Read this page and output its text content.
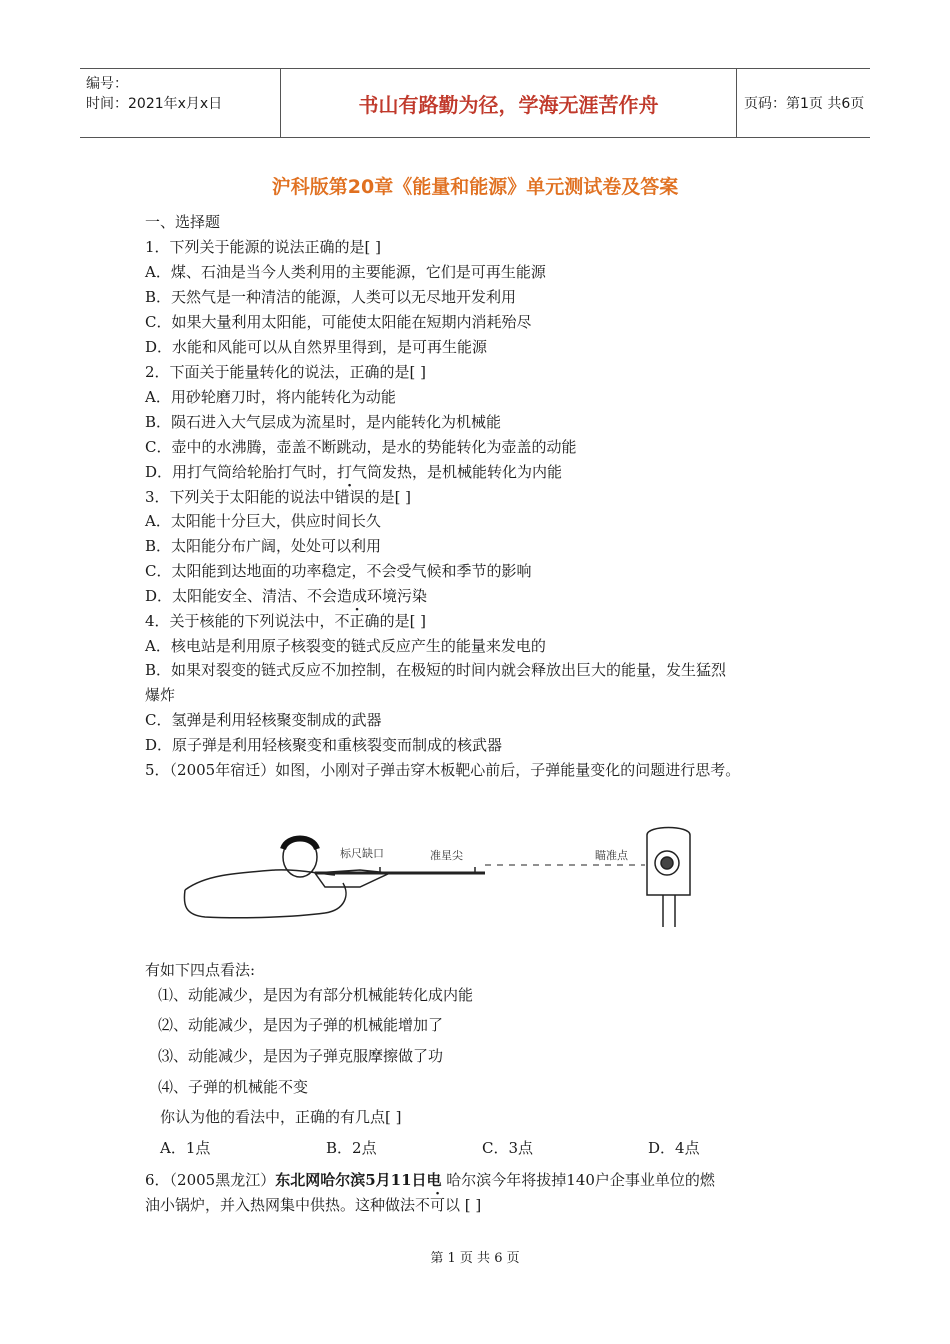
编号：
时间：2021年x月x日	书山有路勤为径，学海无涯苦作舟	页码：第1页 共6页
沪科版第20章《能量和能源》单元测试卷及答案
一、选择题
1．下列关于能源的说法正确的是[ ]
A．煤、石油是当今人类利用的主要能源，它们是可再生能源
B．天然气是一种清洁的能源，人类可以无尽地开发利用
C．如果大量利用太阳能，可能使太阳能在短期内消耗殆尽
D．水能和风能可以从自然界里得到，是可再生能源
2．下面关于能量转化的说法，正确的是[ ]
A．用砂轮磨刀时，将内能转化为动能
B．陨石进入大气层成为流星时，是内能转化为机械能
C．壶中的水沸腾，壶盖不断跳动，是水的势能转化为壶盖的动能
D．用打气筒给轮胎打气时，打气筒发热，是机械能转化为内能
3．下列关于太阳能的说法中错误的是[ ]
A．太阳能十分巨大，供应时间长久
B．太阳能分布广阔，处处可以利用
C．太阳能到达地面的功率稳定，不会受气候和季节的影响
D．太阳能安全、清洁、不会造成环境污染
4．关于核能的下列说法中，不正确的是[ ]
A．核电站是利用原子核裂变的链式反应产生的能量来发电的
B．如果对裂变的链式反应不加控制，在极短的时间内就会释放出巨大的能量，发生猛烈
爆炸
C．氢弹是利用轻核聚变制成的武器
D．原子弹是利用轻核聚变和重核裂变而制成的核武器
5．（2005年宿迁）如图，小刚对子弹击穿木板靶心前后，子弹能量变化的问题进行思考。
标尺缺口	准星尖	瞄准点
有如下四点看法:
⑴、动能减少，是因为有部分机械能转化成内能
⑵、动能减少，是因为子弹的机械能增加了
⑶、动能减少，是因为子弹克服摩擦做了功
⑷、子弹的机械能不变
你认为他的看法中，正确的有几点[ ]
A．1点	B．2点	C．3点	D．4点
6．（2005黑龙江）东北网哈尔滨5月11日电 哈尔滨今年将拔掉140户企事业单位的燃
油小锅炉，并入热网集中供热。这种做法不可以 [ ]
第 1 页 共 6 页
